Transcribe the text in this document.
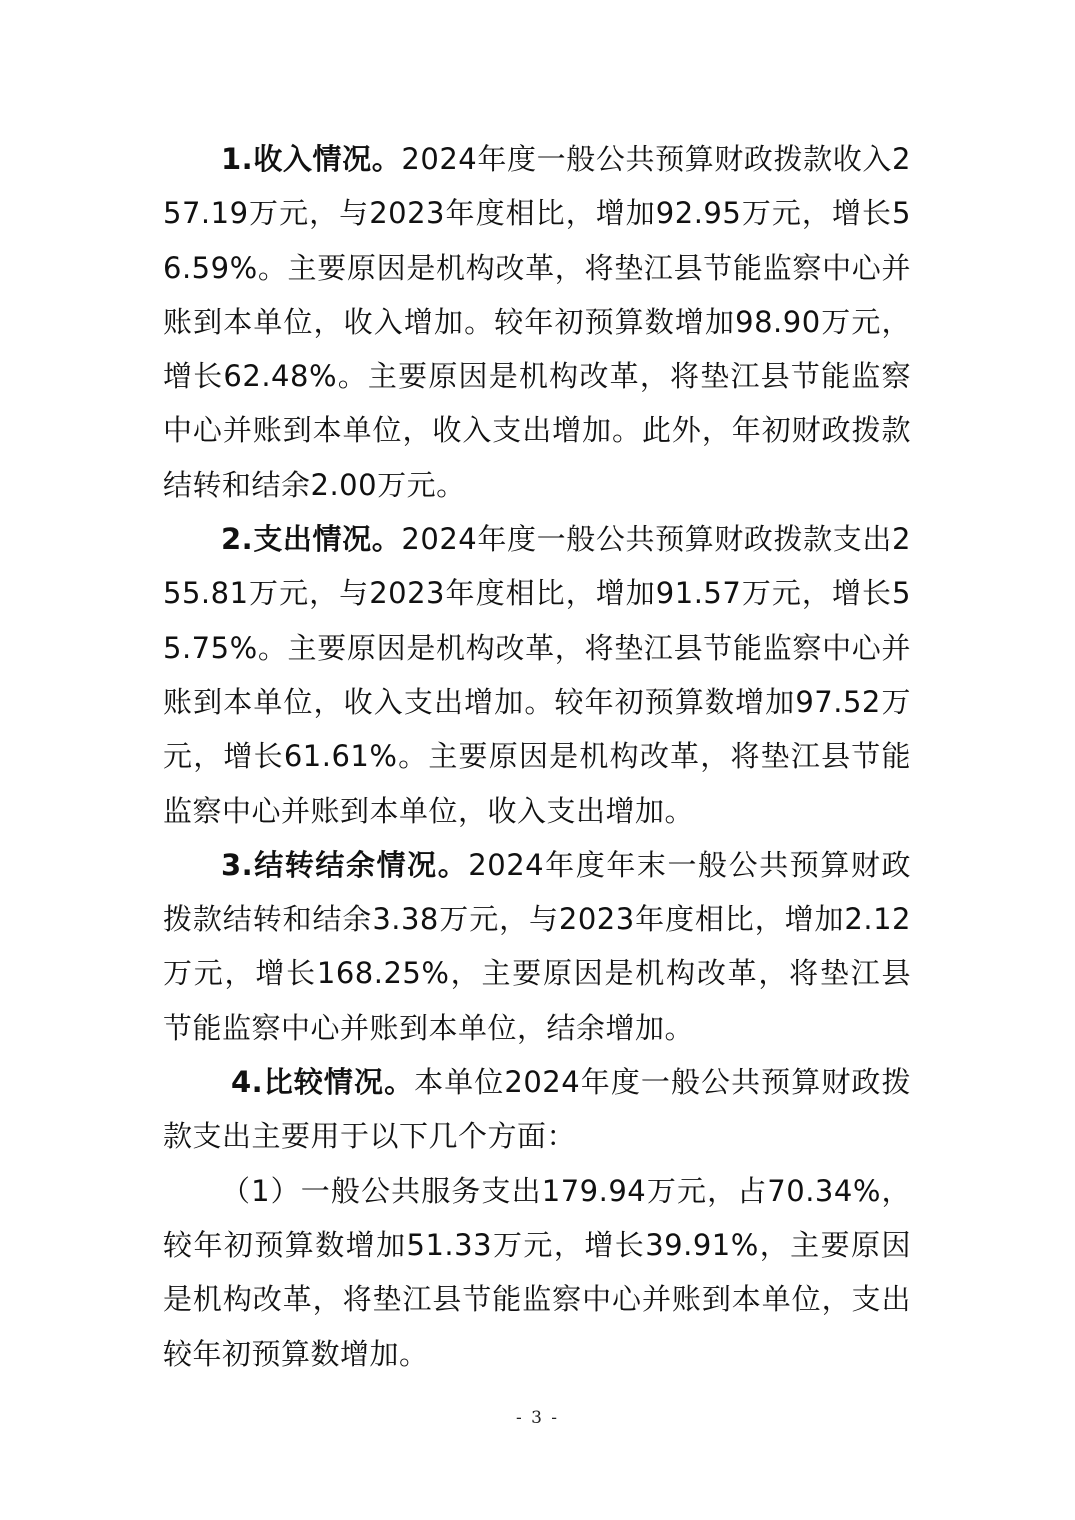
1.收入情况。2024年度一般公共预算财政拨款收入257.19万元，与2023年度相比，增加92.95万元，增长56.59%。主要原因是机构改革，将垫江县节能监察中心并账到本单位，收入增加。较年初预算数增加98.90万元，增长62.48%。主要原因是机构改革，将垫江县节能监察中心并账到本单位，收入支出增加。此外，年初财政拨款结转和结余2.00万元。

2.支出情况。2024年度一般公共预算财政拨款支出255.81万元，与2023年度相比，增加91.57万元，增长55.75%。主要原因是机构改革，将垫江县节能监察中心并账到本单位，收入支出增加。较年初预算数增加97.52万元，增长61.61%。主要原因是机构改革，将垫江县节能监察中心并账到本单位，收入支出增加。

3.结转结余情况。2024年度年末一般公共预算财政拨款结转和结余3.38万元，与2023年度相比，增加2.12万元，增长168.25%，主要原因是机构改革，将垫江县节能监察中心并账到本单位，结余增加。

4.比较情况。本单位2024年度一般公共预算财政拨款支出主要用于以下几个方面：

（1）一般公共服务支出179.94万元，占70.34%，较年初预算数增加51.33万元，增长39.91%，主要原因是机构改革，将垫江县节能监察中心并账到本单位，支出较年初预算数增加。

- 3 -
